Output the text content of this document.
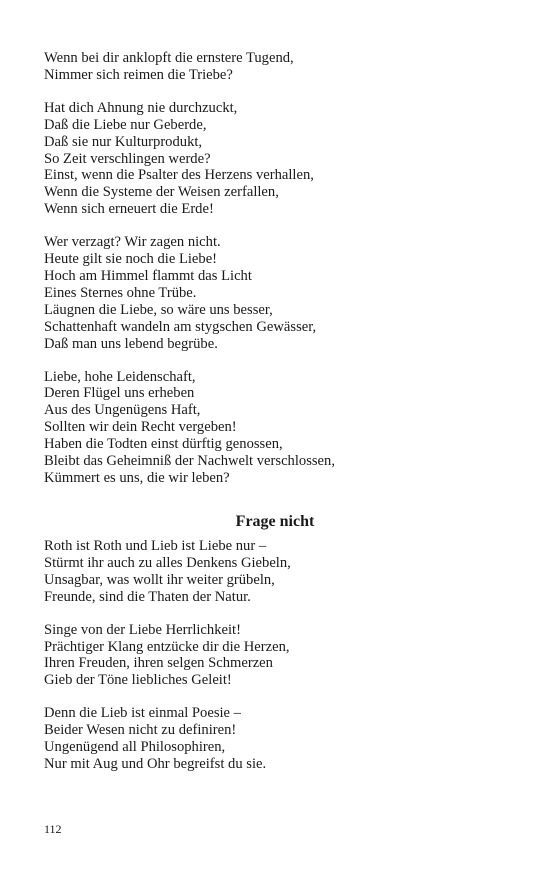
Wenn bei dir anklopft die ernstere Tugend,
Nimmer sich reimen die Triebe?
Hat dich Ahnung nie durchzuckt,
Daß die Liebe nur Geberde,
Daß sie nur Kulturprodukt,
So Zeit verschlingen werde?
Einst, wenn die Psalter des Herzens verhallen,
Wenn die Systeme der Weisen zerfallen,
Wenn sich erneuert die Erde!
Wer verzagt? Wir zagen nicht.
Heute gilt sie noch die Liebe!
Hoch am Himmel flammt das Licht
Eines Sternes ohne Trübe.
Läugnen die Liebe, so wäre uns besser,
Schattenhaft wandeln am stygschen Gewässer,
Daß man uns lebend begrübe.
Liebe, hohe Leidenschaft,
Deren Flügel uns erheben
Aus des Ungenügens Haft,
Sollten wir dein Recht vergeben!
Haben die Todten einst dürftig genossen,
Bleibt das Geheimniß der Nachwelt verschlossen,
Kümmert es uns, die wir leben?
Frage nicht
Roth ist Roth und Lieb ist Liebe nur –
Stürmt ihr auch zu alles Denkens Giebeln,
Unsagbar, was wollt ihr weiter grübeln,
Freunde, sind die Thaten der Natur.
Singe von der Liebe Herrlichkeit!
Prächtiger Klang entzücke dir die Herzen,
Ihren Freuden, ihren selgen Schmerzen
Gieb der Töne liebliches Geleit!
Denn die Lieb ist einmal Poesie –
Beider Wesen nicht zu definiren!
Ungenügend all Philosophiren,
Nur mit Aug und Ohr begreifst du sie.
112
